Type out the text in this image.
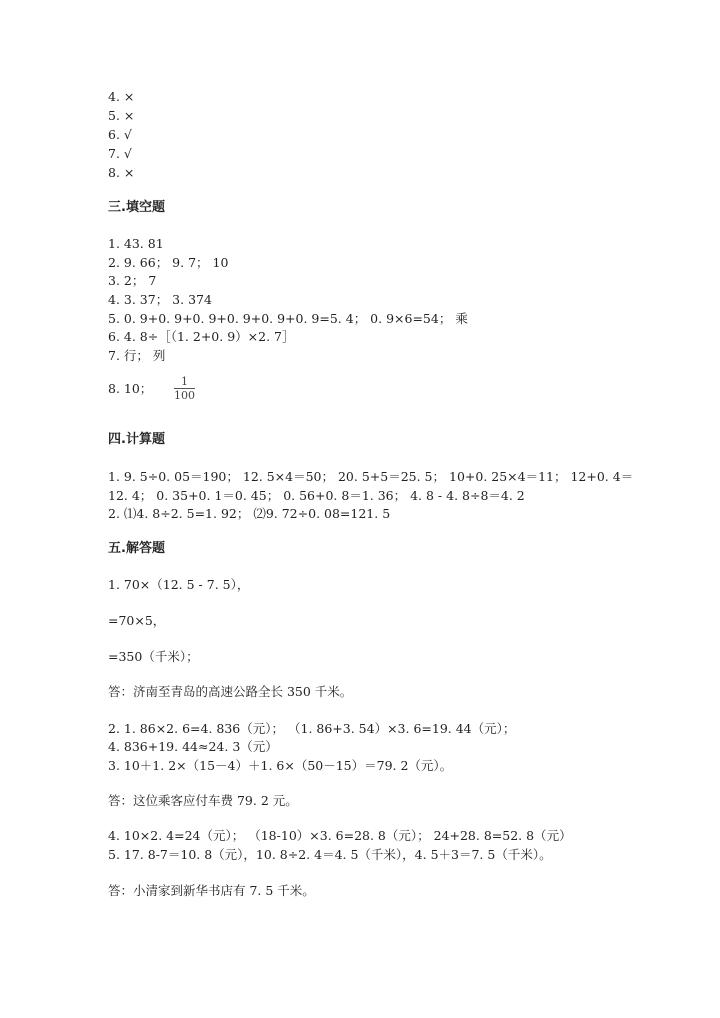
4. ×
5. ×
6. √
7. √
8. ×
三.填空题
1. 43. 81
2. 9. 66； 9. 7； 10
3. 2； 7
4. 3. 37； 3. 374
5. 0. 9+0. 9+0. 9+0. 9+0. 9+0. 9=5. 4； 0. 9×6=54； 乘
6. 4. 8÷［（1. 2+0. 9）×2. 7］
7. 行； 列
8. 10； $\frac{1}{100}$
四.计算题
1. 9. 5÷0. 05＝190； 12. 5×4＝50； 20. 5+5＝25. 5； 10+0. 25×4＝11； 12+0. 4＝
12. 4； 0. 35+0. 1＝0. 45； 0. 56+0. 8＝1. 36； 4. 8 - 4. 8÷8＝4. 2
2. ⑴4. 8÷2. 5=1. 92； ⑵9. 72÷0. 08=121. 5
五.解答题
1. 70×（12. 5 - 7. 5），
=70×5，
=350（千米）；
答：济南至青岛的高速公路全长 350 千米。
2. 1. 86×2. 6=4. 836（元）； （1. 86+3. 54）×3. 6=19. 44（元）；
4. 836+19. 44≈24. 3（元）
3. 10＋1. 2×（15－4）＋1. 6×（50－15）＝79. 2（元）。
答：这位乘客应付车费 79. 2 元。
4. 10×2. 4=24（元）； （18-10）×3. 6=28. 8（元）； 24+28. 8=52. 8（元）
5. 17. 8-7＝10. 8（元），10. 8÷2. 4＝4. 5（千米），4. 5＋3＝7. 5（千米）。
答：小清家到新华书店有 7. 5 千米。
